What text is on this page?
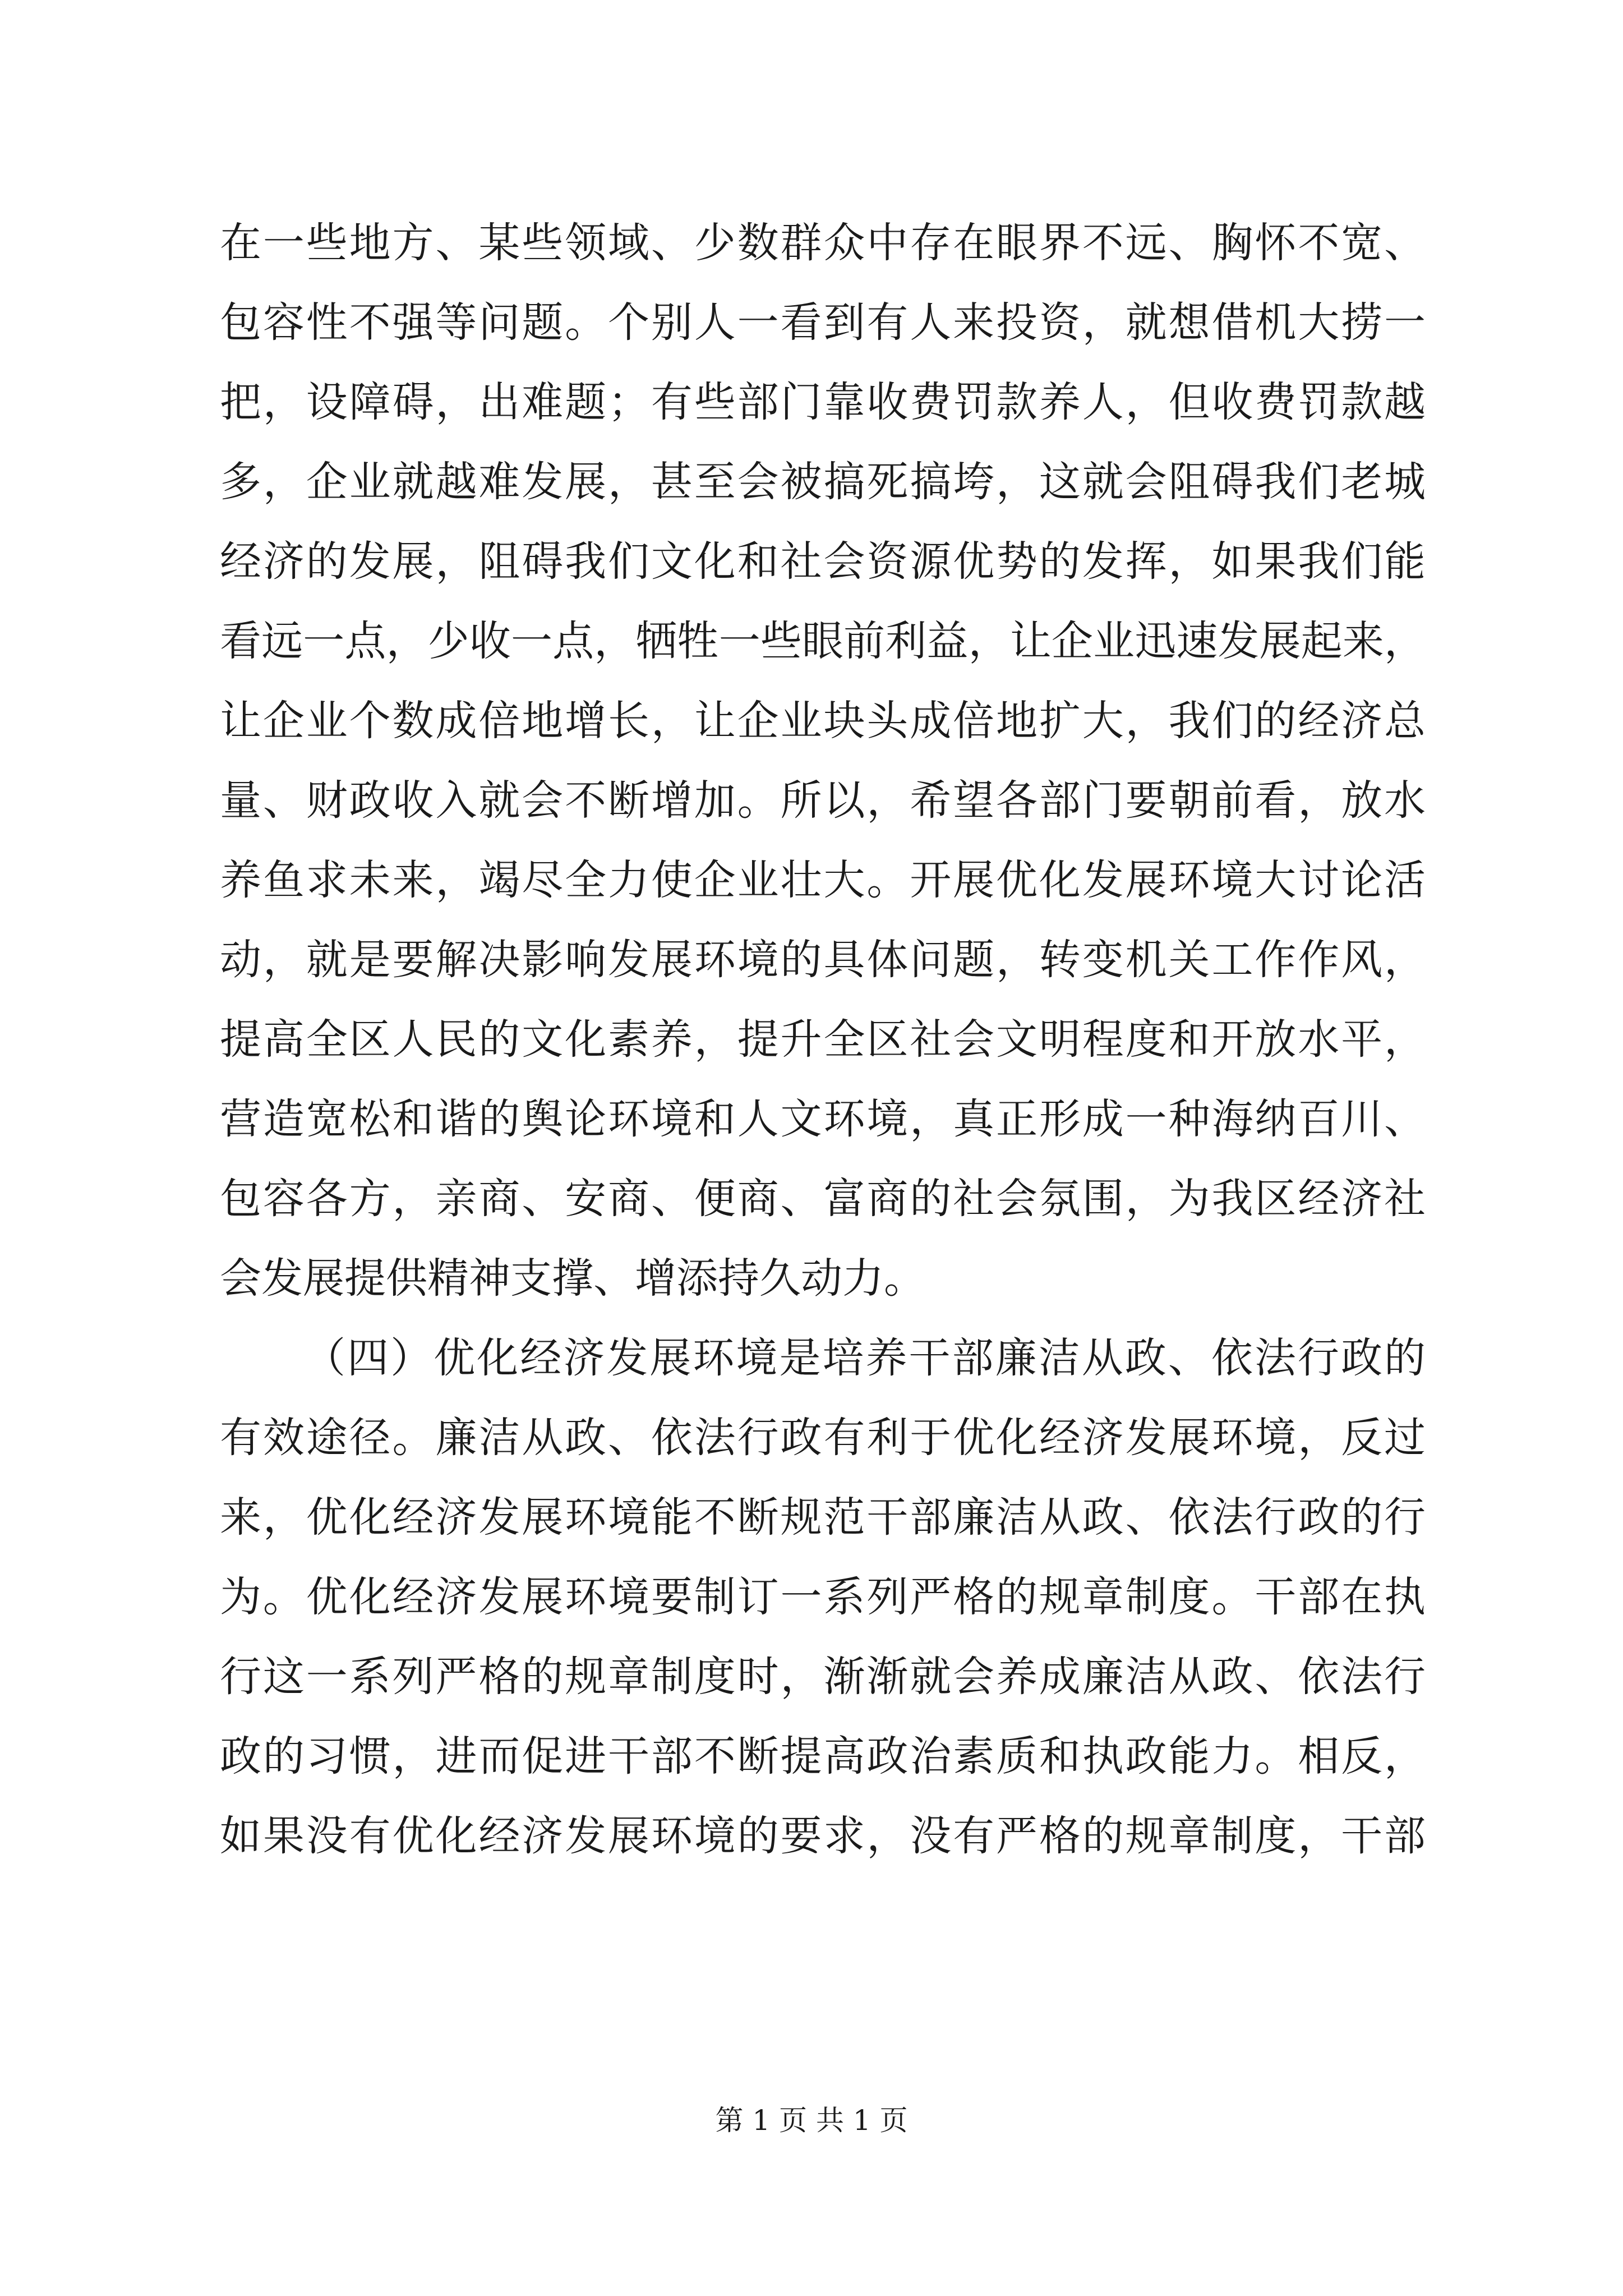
在一些地方、某些领域、少数群众中存在眼界不远、胸怀不宽、
包容性不强等问题。个别人一看到有人来投资，就想借机大捞一
把，设障碍，出难题；有些部门靠收费罚款养人，但收费罚款越
多，企业就越难发展，甚至会被搞死搞垮，这就会阻碍我们老城
经济的发展，阻碍我们文化和社会资源优势的发挥，如果我们能
看远一点，少收一点，牺牲一些眼前利益，让企业迅速发展起来，
让企业个数成倍地增长，让企业块头成倍地扩大，我们的经济总
量、财政收入就会不断增加。所以，希望各部门要朝前看，放水
养鱼求未来，竭尽全力使企业壮大。开展优化发展环境大讨论活
动，就是要解决影响发展环境的具体问题，转变机关工作作风，
提高全区人民的文化素养，提升全区社会文明程度和开放水平，
营造宽松和谐的舆论环境和人文环境，真正形成一种海纳百川、
包容各方，亲商、安商、便商、富商的社会氛围，为我区经济社
会发展提供精神支撑、增添持久动力。
（四）优化经济发展环境是培养干部廉洁从政、依法行政的
有效途径。廉洁从政、依法行政有利于优化经济发展环境，反过
来，优化经济发展环境能不断规范干部廉洁从政、依法行政的行
为。优化经济发展环境要制订一系列严格的规章制度。干部在执
行这一系列严格的规章制度时，渐渐就会养成廉洁从政、依法行
政的习惯，进而促进干部不断提高政治素质和执政能力。相反，
如果没有优化经济发展环境的要求，没有严格的规章制度，干部
第 1 页 共 1 页
